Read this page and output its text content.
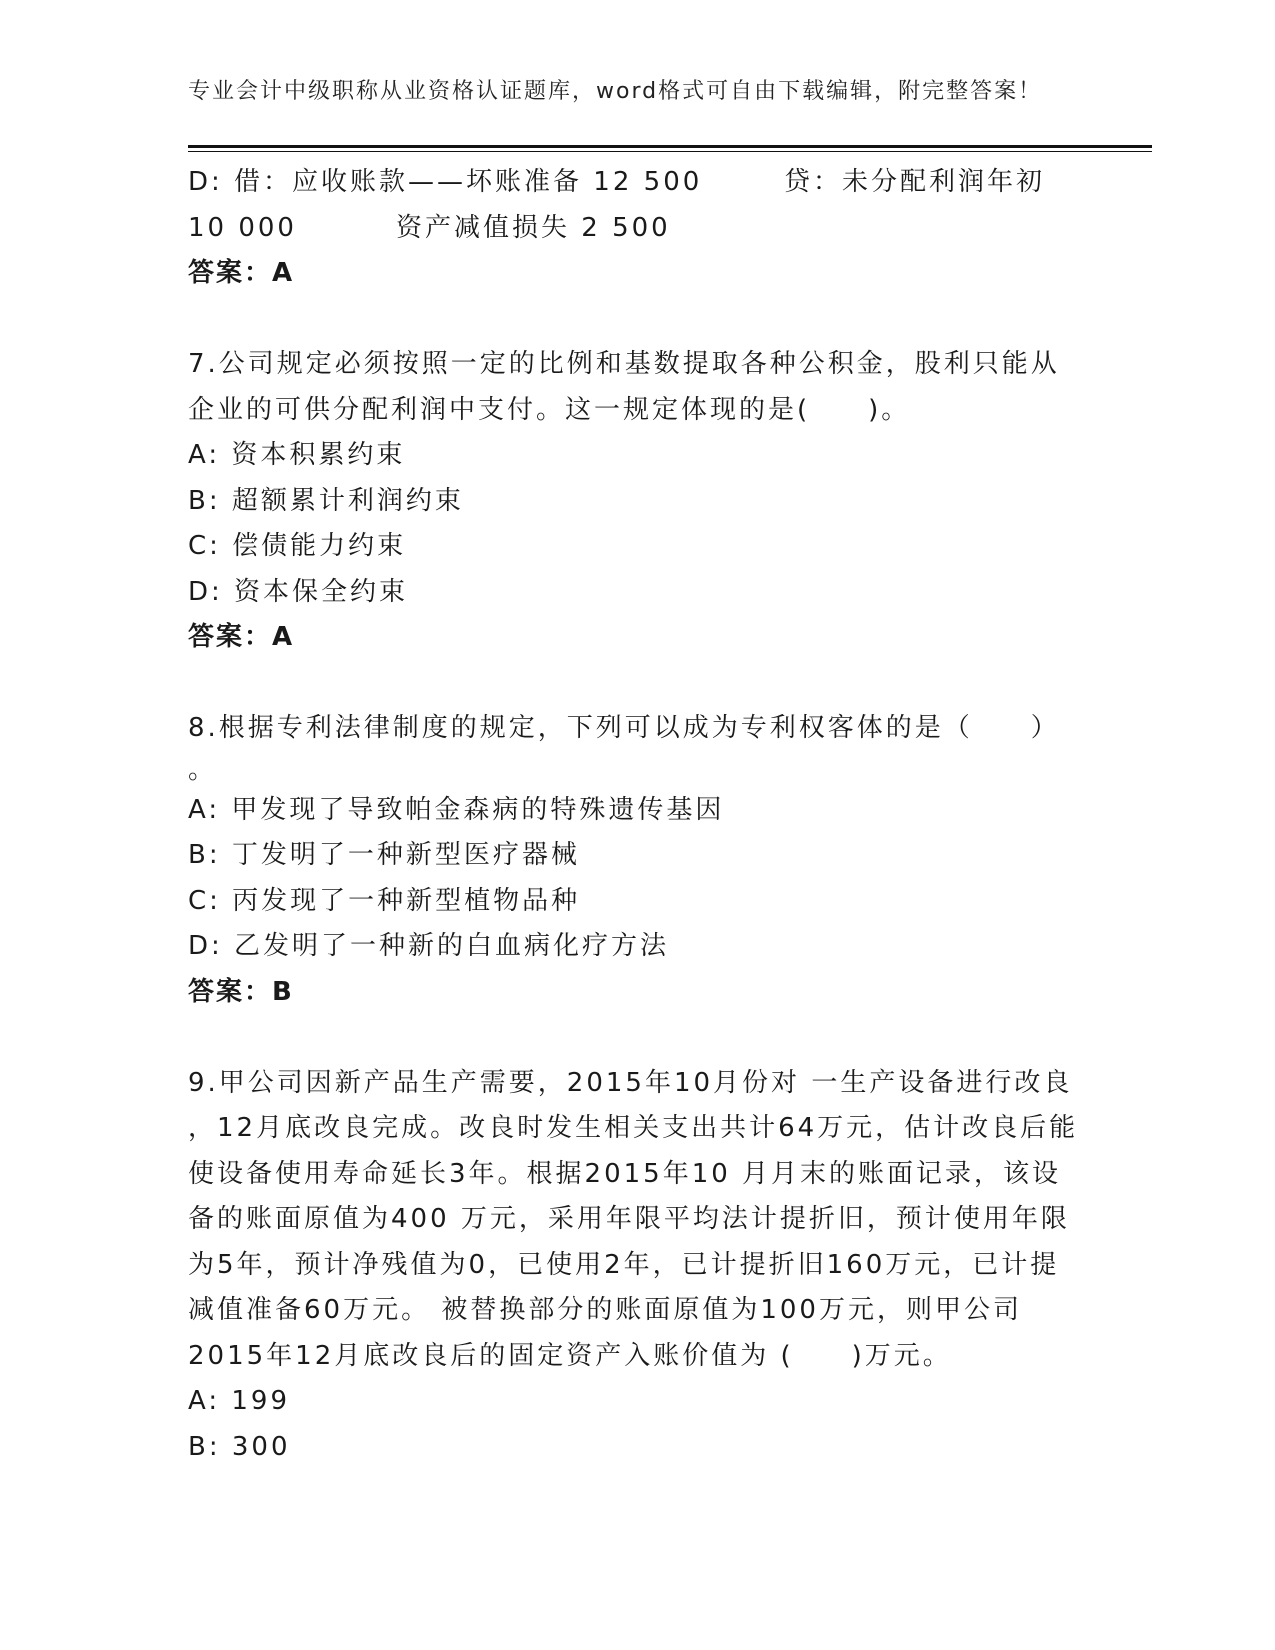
专业会计中级职称从业资格认证题库，word格式可自由下载编辑，附完整答案！
D: 借：应收账款——坏账准备 12 500	贷：未分配利润年初
10 000	资产减值损失 2 500
答案：A
7.公司规定必须按照一定的比例和基数提取各种公积金，股利只能从
企业的可供分配利润中支付。这一规定体现的是(　　)。
A: 资本积累约束
B: 超额累计利润约束
C: 偿债能力约束
D: 资本保全约束
答案：A
8.根据专利法律制度的规定，下列可以成为专利权客体的是（　　）
。
A: 甲发现了导致帕金森病的特殊遗传基因
B: 丁发明了一种新型医疗器械
C: 丙发现了一种新型植物品种
D: 乙发明了一种新的白血病化疗方法
答案：B
9.甲公司因新产品生产需要，2015年10月份对 一生产设备进行改良
，12月底改良完成。改良时发生相关支出共计64万元，估计改良后能
使设备使用寿命延长3年。根据2015年10 月月末的账面记录，该设
备的账面原值为400 万元，采用年限平均法计提折旧，预计使用年限
为5年，预计净残值为0，已使用2年，已计提折旧160万元，已计提
减值准备60万元。 被替换部分的账面原值为100万元，则甲公司
2015年12月底改良后的固定资产入账价值为 (　　)万元。
A: 199
B: 300
